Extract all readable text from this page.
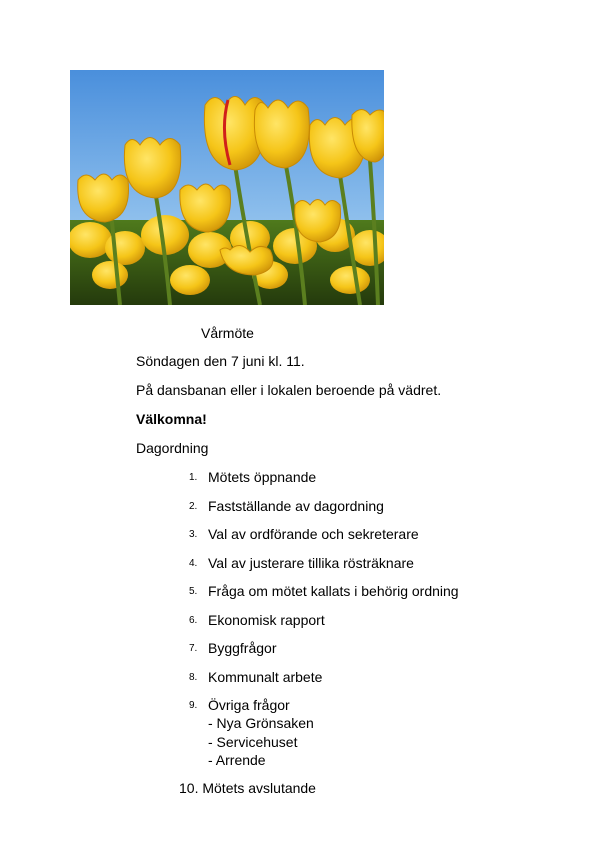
Vårmöte
Söndagen den 7 juni kl. 11.
På dansbanan eller i lokalen beroende på vädret.
Välkomna!
Dagordning
1. Mötets öppnande
2. Fastställande av dagordning
3. Val av ordförande och sekreterare
4. Val av justerare tillika rösträknare
5. Fråga om mötet kallats i behörig ordning
6. Ekonomisk rapport
7. Byggfrågor
8. Kommunalt arbete
9. Övriga frågor
- Nya Grönsaken
- Servicehuset
- Arrende
10. Mötets avslutande
